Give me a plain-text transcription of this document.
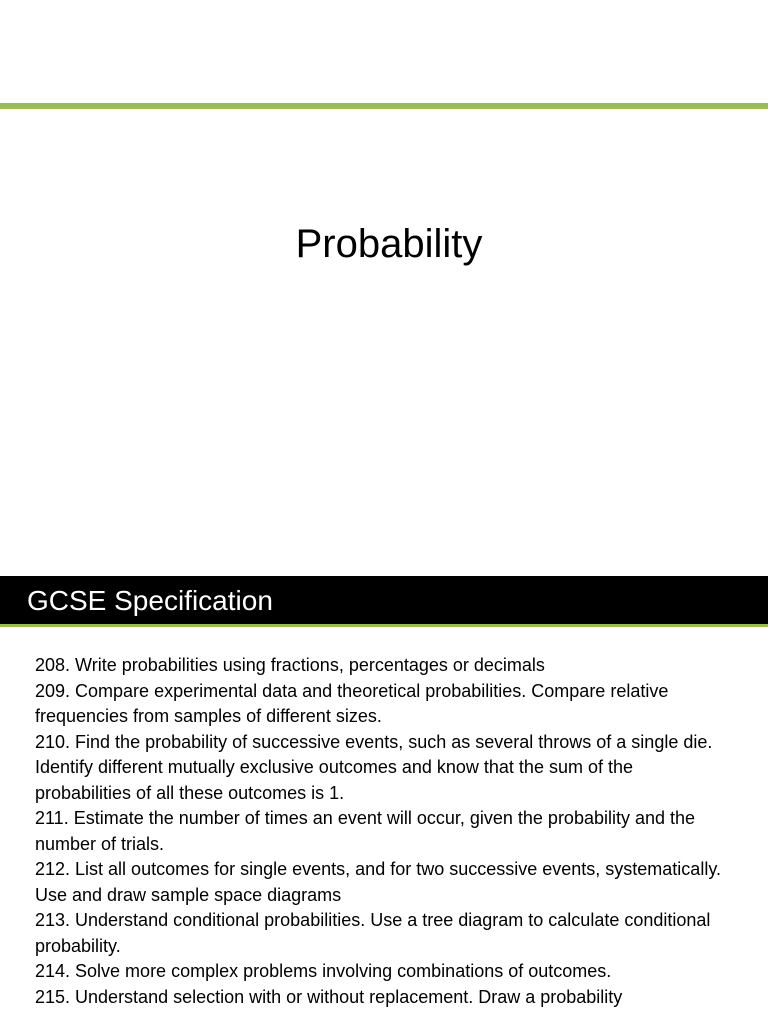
Probability
GCSE Specification

208. Write probabilities using fractions, percentages or decimals

209. Compare experimental data and theoretical probabilities. Compare relative frequencies from samples of different sizes.

210. Find the probability of successive events, such as several throws of a single die.

Identify different mutually exclusive outcomes and know that the sum of the probabilities of all these outcomes is 1.

211. Estimate the number of times an event will occur, given the probability and the number of trials.

212. List all outcomes for single events, and for two successive events, systematically. Use and draw sample space diagrams

213. Understand conditional probabilities. Use a tree diagram to calculate conditional probability.

214. Solve more complex problems involving combinations of outcomes.

215. Understand selection with or without replacement. Draw a probability
